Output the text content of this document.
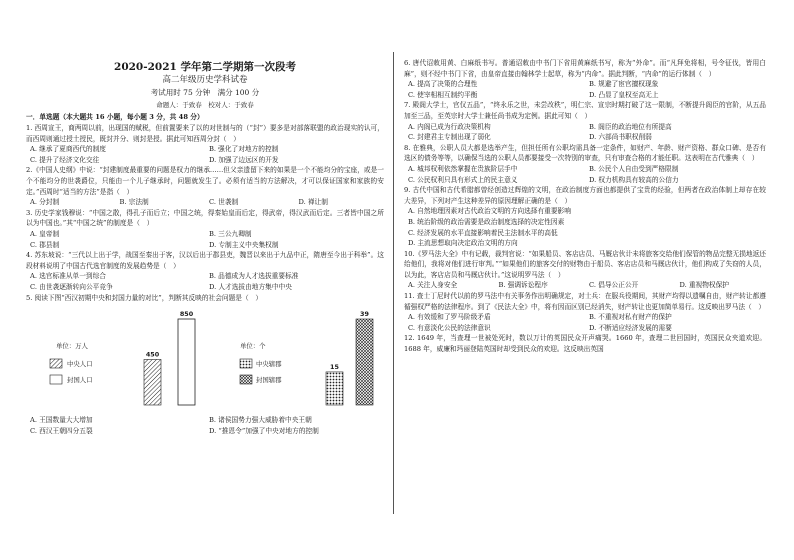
2020-2021 学年第二学期第一次段考
高二年级历史学科试卷
考试用时 75 分钟　满分 100 分
命题人：于致春　校对人：于致春
一．单选题（本大题共 16 小题，每小题 3 分，共 48 分）
1. 西周宣王，商两周以前，出现国的赋税，但前置要来了以的对世制与的（“封”）要多是对部落联盟的政治现实的认可，而西周则通过授土授民，既封并分、则封是授。据此可知西周分封（　）
A. 继承了夏商西代的制度	B. 强化了对地方的控制
C. 提升了经济文化交往	D. 加强了边远区的开发
2.《中国人史纲》中说：“封建制度最重要的问题是权力的继承……但父亲遗留下来的如果是一个不能均分的宝座，或是一个不能均分的世袭爵位，只能由一个儿子继承时，问题就发生了。必须有适当的方法解决，才可以保证国家和家族的安定。”西周时“适当的方法”是指（　）
A. 分封制	B. 宗法制	C. 世袭制	D. 禅让制
3. 历史学家钱穆说：“中国之散，得孔子而后立；中国之统，得秦始皇而后定，得武帝，得汉武而后定。三者皆中国之所以为中国也。”其“中国之统”的制度是（　）
A. 皇帝制	B. 三公九卿制
C. 郡县制	D. 专制主义中央集权制
4. 苏东坡说：“三代以上出于学，战国至秦出于客，汉以后出于郡县吏，魏晋以来出于九品中正，隋唐至今出于科举”。这段材料说明了中国古代选官制度的发展趋势是（　）
A. 选官标准从单一到综合	B. 品德成为人才选拔重要标准
C. 由世袭逐渐转向公平竞争	D. 人才选拔由地方集中中央
5. 阅读下图“西汉初期中央和封国力量的对比”，判断其反映的社会问题是（　）
单位：万人
中央人口
封国人口
450
850
单位：个
中央辖郡
封国辖郡
15
39
A. 王国数量大大增加	B. 诸侯国势力强大威胁着中央王朝
C. 西汉王朝四分五裂	D. “推恩令”加强了中央对地方的控制
6. 唐代诏敕用黄、白麻纸书写。普通诏敕由中书门下省用黄麻纸书写，称为“外命”。而“凡拜免将相，号令征伐，皆用白麻”，则不经中书门下省，由皇帝直接由翰林学士起草，称为“内命”。据此判断，“内命”的运行体制（　）
A. 提高了决策的合理性	B. 规避了宦官擅权现象
C. 使宰相相互制约平衡	D. 凸显了皇权至高无上
7. 殿阁大学士，官仅五品”，“终永乐之世，未尝改秩”，明仁宗、宣宗时期打破了这一限制，不断提升阁臣的官阶，从五品加至三品，至英宗时大学士兼任尚书成为定例。据此可知（　）
A. 内阁已成为行政决策机构	B. 阁臣的政治地位有所提高
C. 封建君主专制出现了弱化	D. 六部尚书职权削弱
8. 在雅典，公职人员大都是选举产生，但担任所有公职均需具备一定条件，如财产、年龄、财产资格、群众口碑、是否有选区的债务等等，以确保当选的公职人员都要接受一次特别的审查，只有审查合格的才能任职。这表明在古代雅典（　）
A. 城邦权利依然掌握在贵族阶层手中	B. 公民个人自由受到严格限制
C. 公民权利只具有形式上的民主意义	D. 权力机构具有较高的公信力
9. 古代中国和古代希腊都曾经创造过辉煌的文明，在政治制度方面也都提供了宝贵的经验，但两者在政治体制上却存在较大差异，下列对产生这种差异的原因理解正确的是（　）
A. 自然地理因素对古代政治文明的方向选择有重要影响
B. 统治阶级的政治需要是政治制度选择的决定性因素
C. 经济发展的水平直接影响着民主法制水平的高低
D. 主流思想取向决定政治文明的方向
10.《罗马法大全》中有记载，裁判官说：“如果船员、客店店员、马厩店伙计未将旅客交给他们保管的物品完整无损地返还给他们，我将对他们进行审判。”“如果他们的旅客交付的财物由于船员、客店店员和马厩店伙计，他们构成了失窃的人员，以为此，客店店员和马厩店伙计。”这说明罗马法（　）
A. 关注人身安全	B. 强调诉讼程序	C. 倡导公正公开	D. 重视物权保护
11. 查士丁尼时代以前的罗马法中有关事务作出明确规定，对士兵：在服兵役期间，其财产均得以遗嘱自由，财产转让都遵循强权严格的法律程序。到了《民法大全》中，将有因而区别已经消失，财产转让也更加简单易行。这反映出罗马法（　）
A. 有效缓和了罗马阶级矛盾	B. 不重视对私有财产的保护
C. 有意淡化公民的法律意识	D. 不断适应经济发展的需要
12. 1649 年，当查理一世被处死时，数以万计的英国民众开声痛哭。1660 年，查理二世回国时，英国民众夹道欢迎。1688 年，威廉和玛丽登陆英国时却受到民众的欢迎。这反映出英国
